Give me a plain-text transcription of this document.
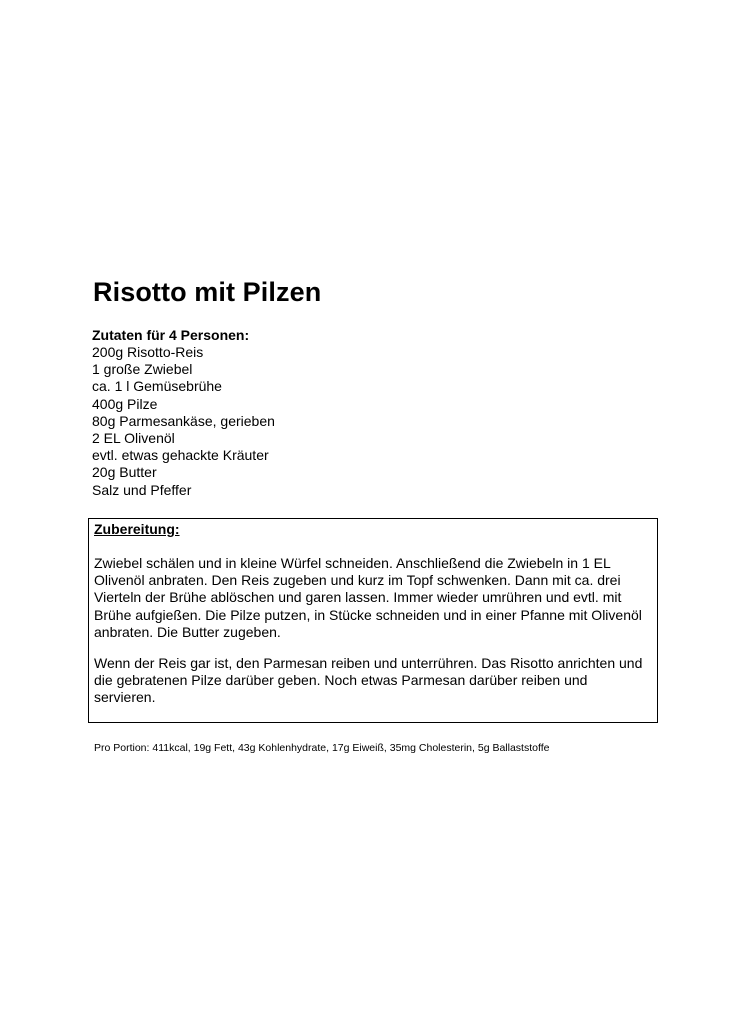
Risotto mit Pilzen

Zutaten für 4 Personen:

200g Risotto-Reis
1 große Zwiebel
ca. 1 l Gemüsebrühe
400g Pilze
80g Parmesankäse, gerieben
2 EL Olivenöl
evtl. etwas gehackte Kräuter
20g Butter
Salz und Pfeffer

Zubereitung:

Zwiebel schälen und in kleine Würfel schneiden. Anschließend die Zwiebeln in 1 EL Olivenöl anbraten. Den Reis zugeben und kurz im Topf schwenken. Dann mit ca. drei Vierteln der Brühe ablöschen und garen lassen. Immer wieder umrühren und evtl. mit Brühe aufgießen. Die Pilze putzen, in Stücke schneiden und in einer Pfanne mit Olivenöl anbraten. Die Butter zugeben.

Wenn der Reis gar ist, den Parmesan reiben und unterrühren. Das Risotto anrichten und die gebratenen Pilze darüber geben. Noch etwas Parmesan darüber reiben und servieren.

Pro Portion: 411kcal, 19g Fett, 43g Kohlenhydrate, 17g Eiweiß, 35mg Cholesterin, 5g Ballaststoffe
